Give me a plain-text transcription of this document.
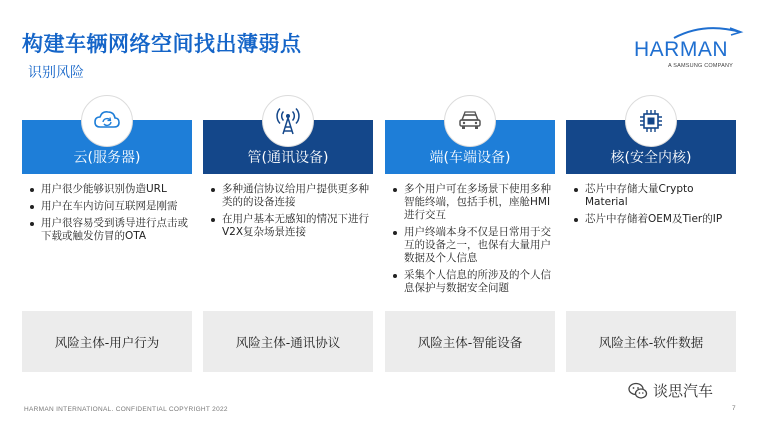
构建车辆网络空间找出薄弱点
识别风险
HARMAN
A SAMSUNG COMPANY
云(服务器)
用户很少能够识别伪造URL
用户在车内访问互联网是刚需
用户很容易受到诱导进行点击或下载或触发仿冒的OTA
管(通讯设备)
多种通信协议给用户提供更多种类的的设备连接
在用户基本无感知的情况下进行V2X复杂场景连接
端(车端设备)
多个用户可在多场景下使用多种智能终端，包括手机，座舱HMI进行交互
用户终端本身不仅是日常用于交互的设备之一，也保有大量用户数据及个人信息
采集个人信息的所涉及的个人信息保护与数据安全问题
核(安全内核)
芯片中存储大量Crypto Material
芯片中存储着OEM及Tier的IP
风险主体-用户行为	风险主体-通讯协议	风险主体-智能设备	风险主体-软件数据
谈思汽车
HARMAN INTERNATIONAL. CONFIDENTIAL COPYRIGHT 2022	7
